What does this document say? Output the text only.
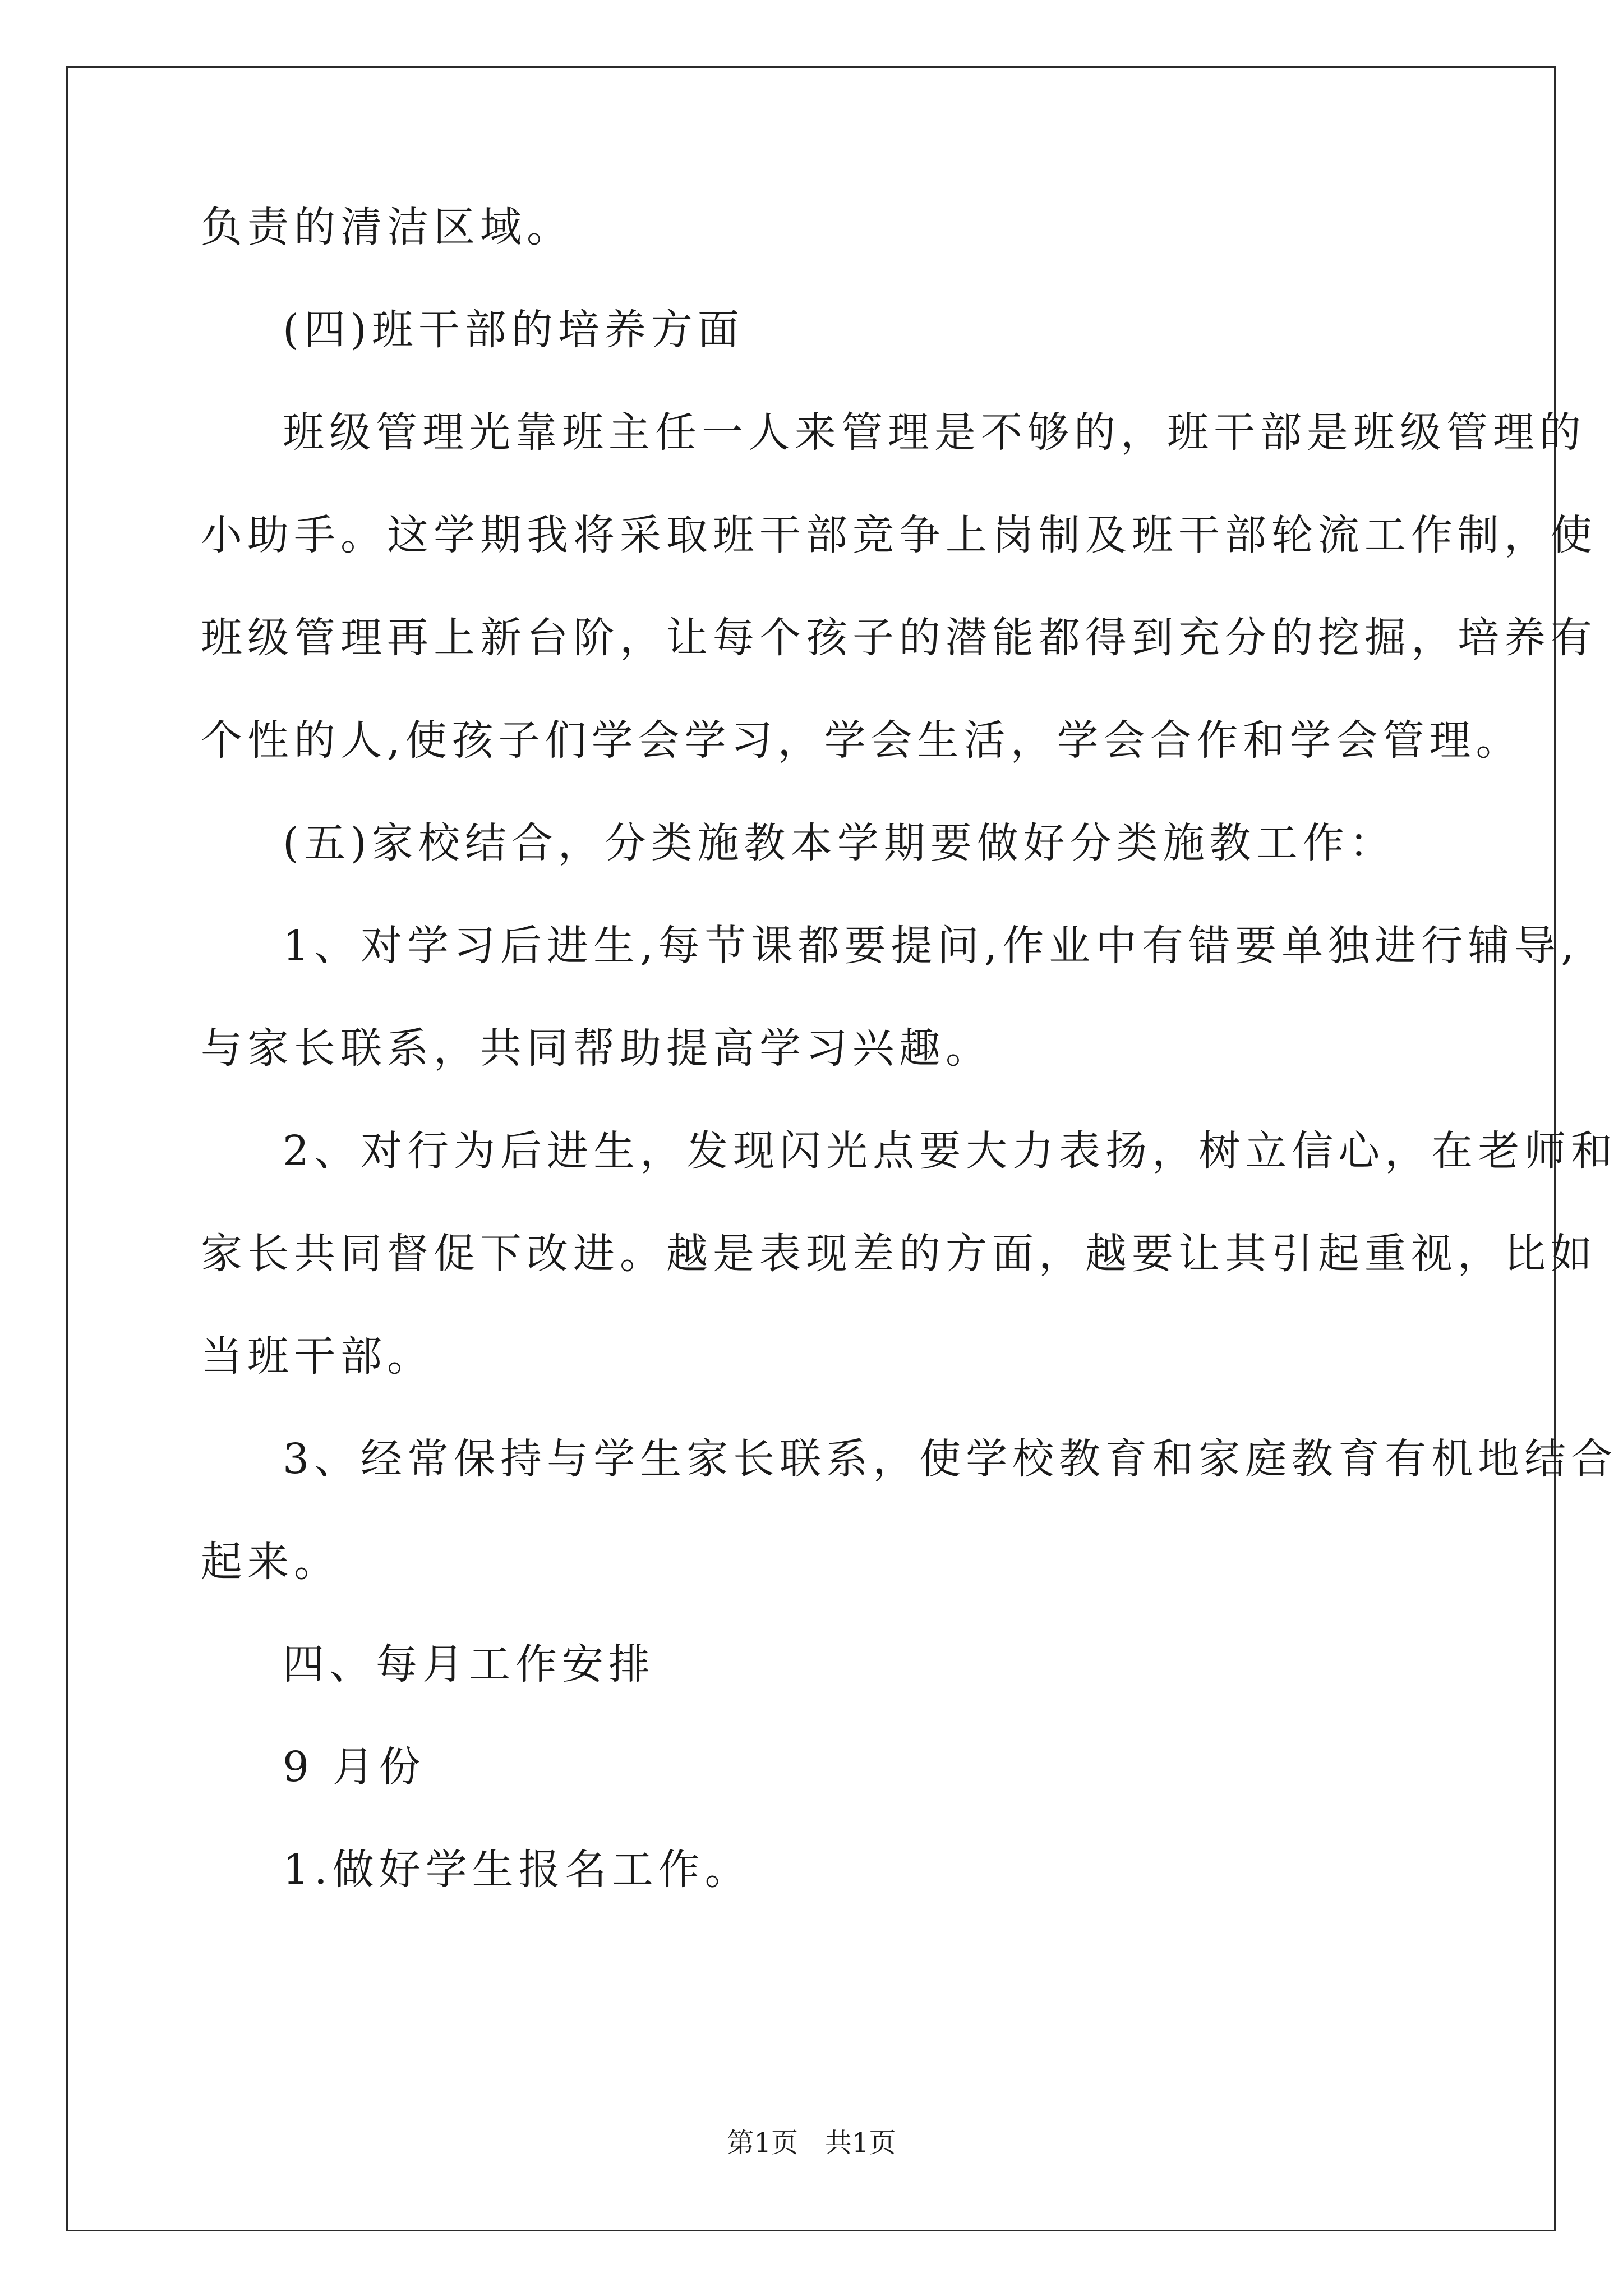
负责的清洁区域。
(四)班干部的培养方面
班级管理光靠班主任一人来管理是不够的，班干部是班级管理的
小助手。这学期我将采取班干部竞争上岗制及班干部轮流工作制，使
班级管理再上新台阶，让每个孩子的潜能都得到充分的挖掘，培养有
个性的人,使孩子们学会学习，学会生活，学会合作和学会管理。
(五)家校结合，分类施教本学期要做好分类施教工作：
1、对学习后进生,每节课都要提问,作业中有错要单独进行辅导,
与家长联系，共同帮助提高学习兴趣。
2、对行为后进生，发现闪光点要大力表扬，树立信心，在老师和
家长共同督促下改进。越是表现差的方面，越要让其引起重视，比如
当班干部。
3、经常保持与学生家长联系，使学校教育和家庭教育有机地结合
起来。
四、每月工作安排
9 月份
1.做好学生报名工作。
第1页　共1页
